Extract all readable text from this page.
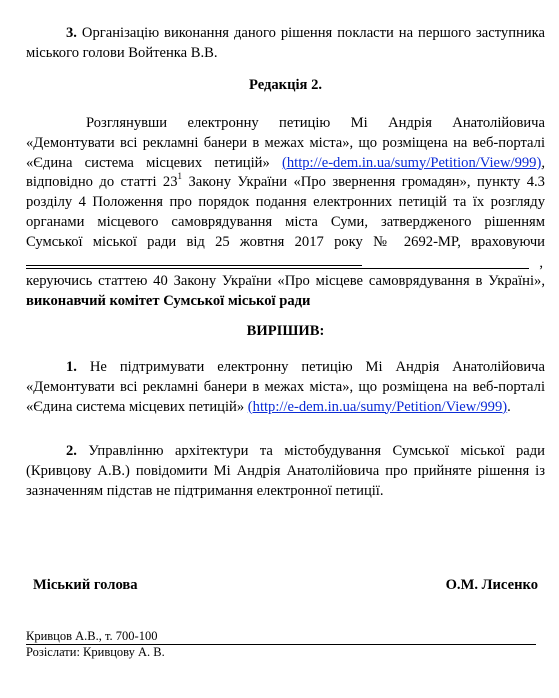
3. Організацію виконання даного рішення покласти на першого заступника міського голови Войтенка В.В.
Редакція 2.
Розглянувши електронну петицію Мі Андрія Анатолійовича «Демонтувати всі рекламні банери в межах міста», що розміщена на веб-порталі «Єдина система місцевих петицій» (http://e-dem.in.ua/sumy/Petition/View/999), відповідно до статті $23^1$ Закону України «Про звернення громадян», пункту 4.3 розділу 4 Положення про порядок подання електронних петицій та їх розгляду органами місцевого самоврядування міста Суми, затвердженого рішенням Сумської міської ради від 25 жовтня 2017 року № 2692-МР, враховуючи
,
керуючись статтею 40 Закону України «Про місцеве самоврядування в Україні», виконавчий комітет Сумської міської ради
ВИРІШИВ:
1. Не підтримувати електронну петицію Мі Андрія Анатолійовича «Демонтувати всі рекламні банери в межах міста», що розміщена на веб-порталі «Єдина система місцевих петицій» (http://e-dem.in.ua/sumy/Petition/View/999).
2. Управлінню архітектури та містобудування Сумської міської ради (Кривцову А.В.) повідомити Мі Андрія Анатолійовича про прийняте рішення із зазначенням підстав не підтримання електронної петиції.
Міський голова	О.М. Лисенко
Кривцов А.В., т. 700-100
Розіслати: Кривцову А. В.
